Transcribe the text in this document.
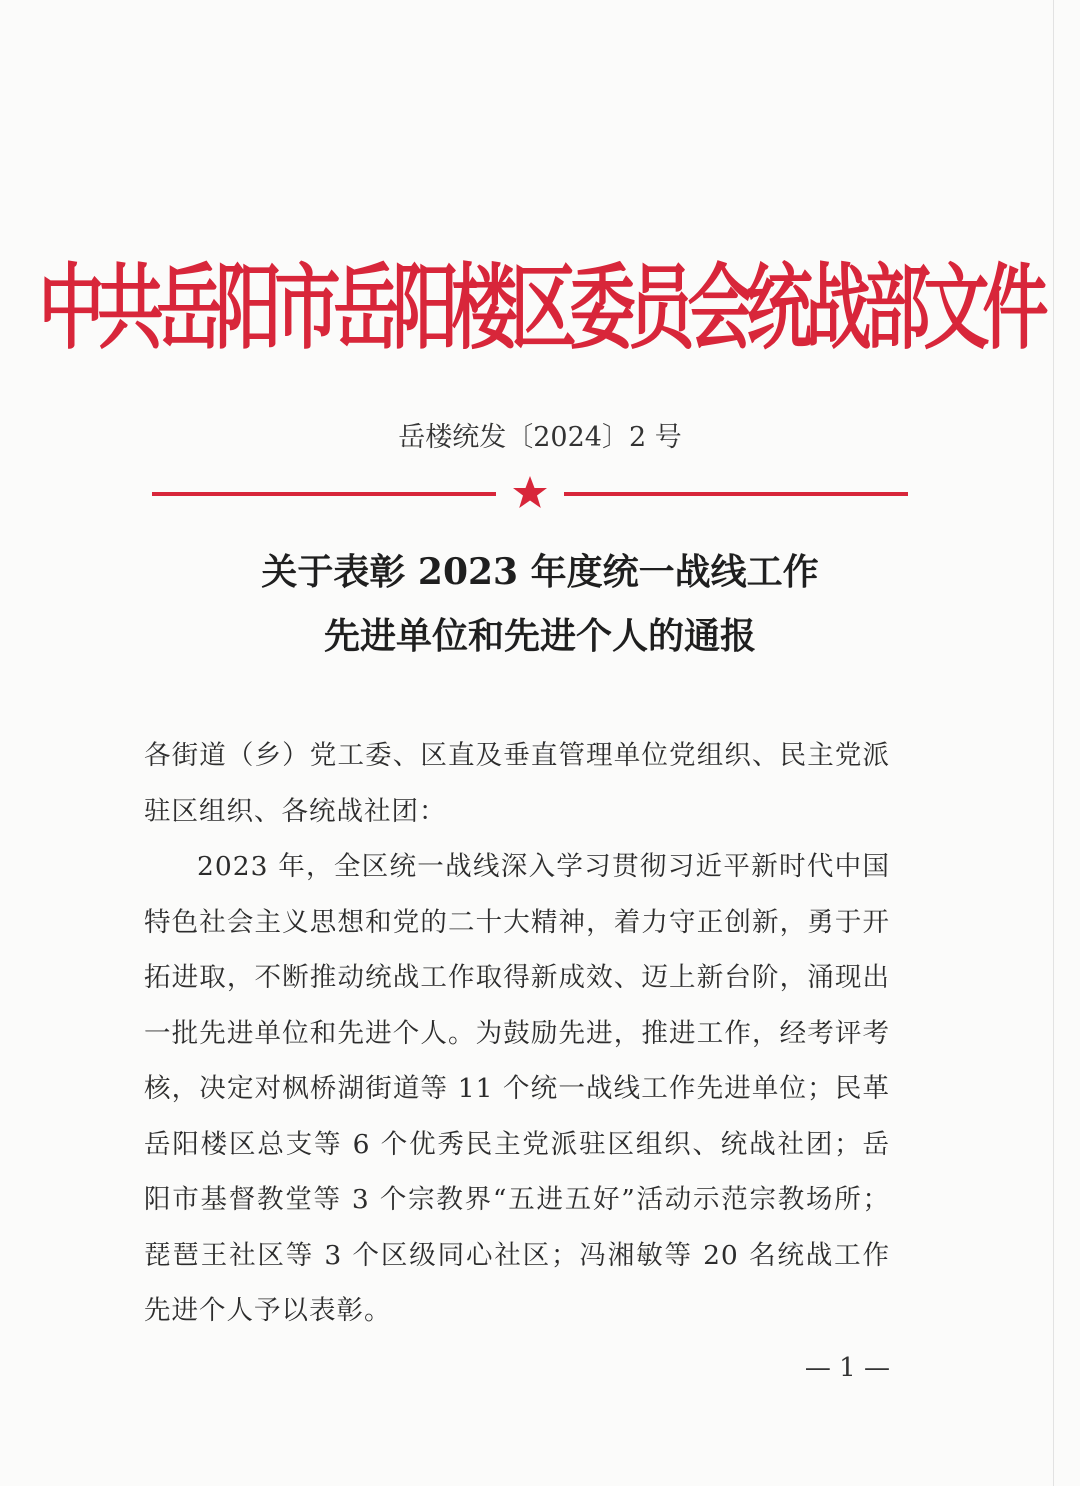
中共岳阳市岳阳楼区委员会统战部文件
岳楼统发〔2024〕2 号
关于表彰 2023 年度统一战线工作
先进单位和先进个人的通报

各街道（乡）党工委、区直及垂直管理单位党组织、民主党派驻区组织、各统战社团：

2023 年，全区统一战线深入学习贯彻习近平新时代中国特色社会主义思想和党的二十大精神，着力守正创新，勇于开拓进取，不断推动统战工作取得新成效、迈上新台阶，涌现出一批先进单位和先进个人。为鼓励先进，推进工作，经考评考核，决定对枫桥湖街道等 11 个统一战线工作先进单位；民革岳阳楼区总支等 6 个优秀民主党派驻区组织、统战社团；岳阳市基督教堂等 3 个宗教界“五进五好”活动示范宗教场所；琵琶王社区等 3 个区级同心社区；冯湘敏等 20 名统战工作先进个人予以表彰。

— 1 —
